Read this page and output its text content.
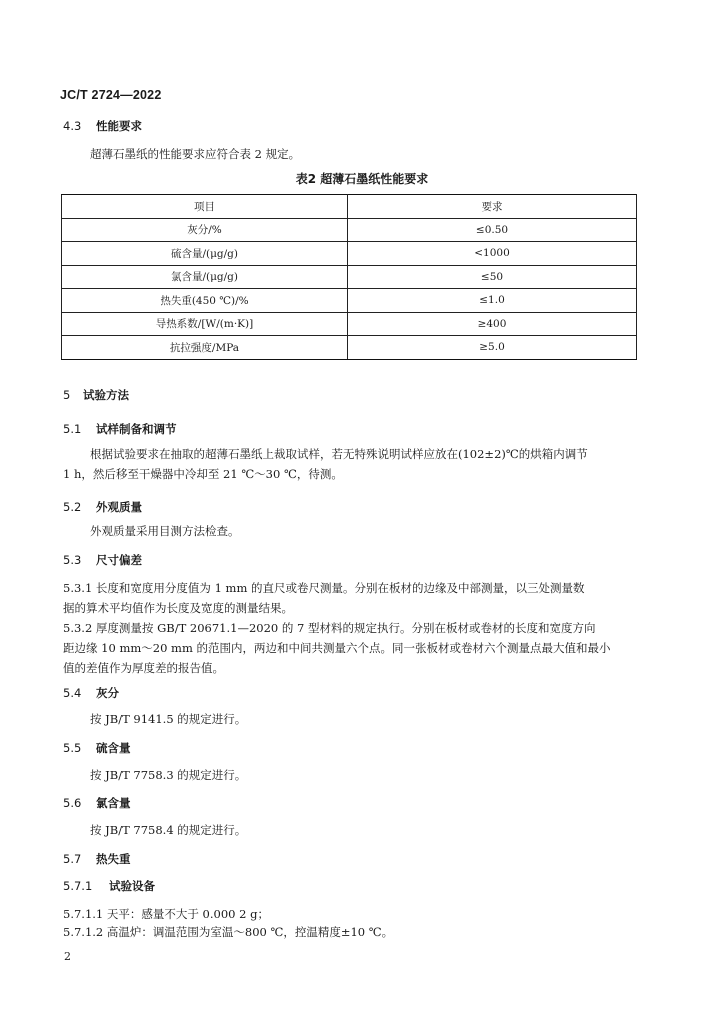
JC/T 2724—2022
4.3 性能要求
超薄石墨纸的性能要求应符合表 2 规定。
表2 超薄石墨纸性能要求
项目	要求
灰分/%	≤0.50
硫含量/(μg/g)	<1000
氯含量/(μg/g)	≤50
热失重(450 ℃)/%	≤1.0
导热系数/[W/(m·K)]	≥400
抗拉强度/MPa	≥5.0
5 试验方法
5.1 试样制备和调节
根据试验要求在抽取的超薄石墨纸上裁取试样，若无特殊说明试样应放在(102±2)℃的烘箱内调节
1 h，然后移至干燥器中冷却至 21 ℃～30 ℃，待测。
5.2 外观质量
外观质量采用目测方法检查。
5.3 尺寸偏差
5.3.1 长度和宽度用分度值为 1 mm 的直尺或卷尺测量。分别在板材的边缘及中部测量，以三处测量数
据的算术平均值作为长度及宽度的测量结果。
5.3.2 厚度测量按 GB/T 20671.1—2020 的 7 型材料的规定执行。分别在板材或卷材的长度和宽度方向
距边缘 10 mm～20 mm 的范围内，两边和中间共测量六个点。同一张板材或卷材六个测量点最大值和最小
值的差值作为厚度差的报告值。
5.4 灰分
按 JB/T 9141.5 的规定进行。
5.5 硫含量
按 JB/T 7758.3 的规定进行。
5.6 氯含量
按 JB/T 7758.4 的规定进行。
5.7 热失重
5.7.1 试验设备
5.7.1.1 天平：感量不大于 0.000 2 g；
5.7.1.2 高温炉：调温范围为室温～800 ℃，控温精度±10 ℃。
2
